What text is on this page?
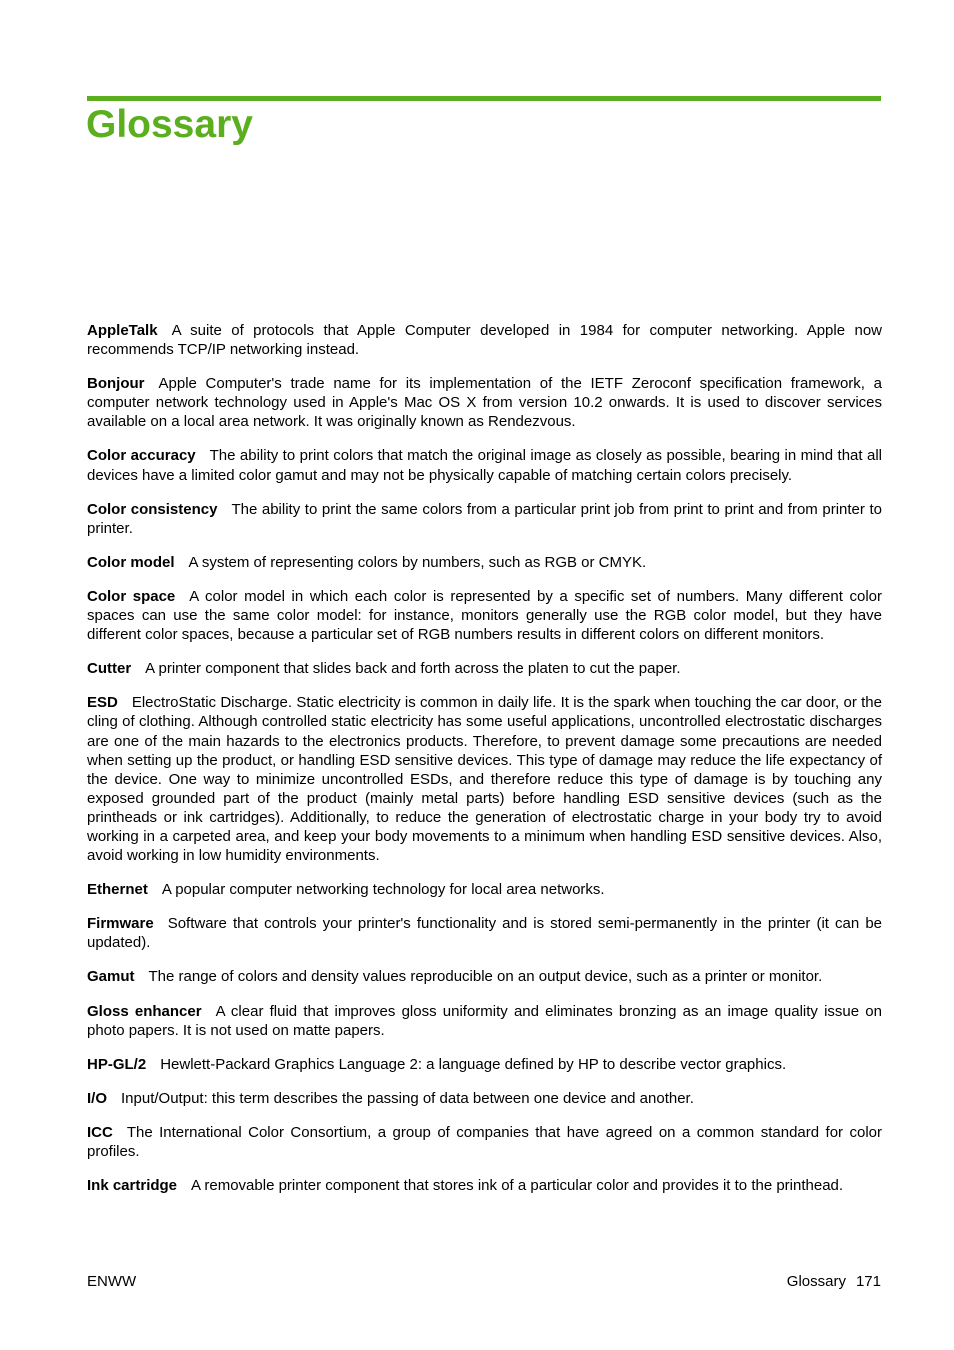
Glossary

AppleTalk A suite of protocols that Apple Computer developed in 1984 for computer networking. Apple now recommends TCP/IP networking instead.

Bonjour Apple Computer's trade name for its implementation of the IETF Zeroconf specification framework, a computer network technology used in Apple's Mac OS X from version 10.2 onwards. It is used to discover services available on a local area network. It was originally known as Rendezvous.

Color accuracy The ability to print colors that match the original image as closely as possible, bearing in mind that all devices have a limited color gamut and may not be physically capable of matching certain colors precisely.

Color consistency The ability to print the same colors from a particular print job from print to print and from printer to printer.

Color model A system of representing colors by numbers, such as RGB or CMYK.

Color space A color model in which each color is represented by a specific set of numbers. Many different color spaces can use the same color model: for instance, monitors generally use the RGB color model, but they have different color spaces, because a particular set of RGB numbers results in different colors on different monitors.

Cutter A printer component that slides back and forth across the platen to cut the paper.

ESD ElectroStatic Discharge. Static electricity is common in daily life. It is the spark when touching the car door, or the cling of clothing. Although controlled static electricity has some useful applications, uncontrolled electrostatic discharges are one of the main hazards to the electronics products. Therefore, to prevent damage some precautions are needed when setting up the product, or handling ESD sensitive devices. This type of damage may reduce the life expectancy of the device. One way to minimize uncontrolled ESDs, and therefore reduce this type of damage is by touching any exposed grounded part of the product (mainly metal parts) before handling ESD sensitive devices (such as the printheads or ink cartridges). Additionally, to reduce the generation of electrostatic charge in your body try to avoid working in a carpeted area, and keep your body movements to a minimum when handling ESD sensitive devices. Also, avoid working in low humidity environments.

Ethernet A popular computer networking technology for local area networks.

Firmware Software that controls your printer's functionality and is stored semi-permanently in the printer (it can be updated).

Gamut The range of colors and density values reproducible on an output device, such as a printer or monitor.

Gloss enhancer A clear fluid that improves gloss uniformity and eliminates bronzing as an image quality issue on photo papers. It is not used on matte papers.

HP-GL/2 Hewlett-Packard Graphics Language 2: a language defined by HP to describe vector graphics.

I/O Input/Output: this term describes the passing of data between one device and another.

ICC The International Color Consortium, a group of companies that have agreed on a common standard for color profiles.

Ink cartridge A removable printer component that stores ink of a particular color and provides it to the printhead.

ENWW	Glossary 171
